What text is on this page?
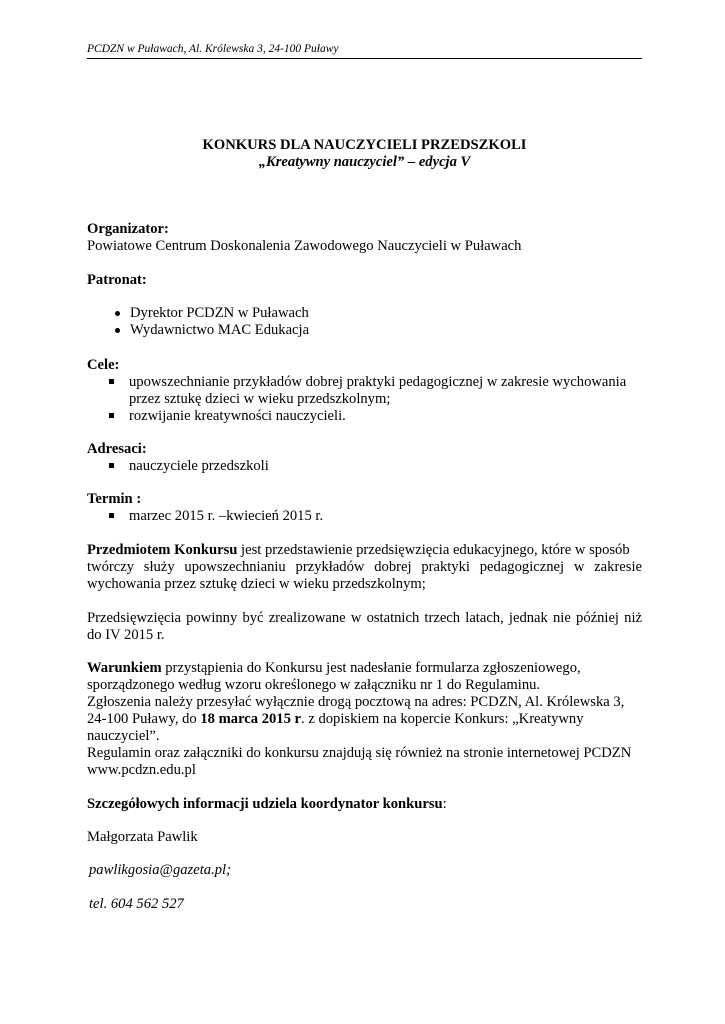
PCDZN w Puławach, Al. Królewska 3, 24-100 Puławy
KONKURS DLA NAUCZYCIELI PRZEDSZKOLI
„Kreatywny nauczyciel” – edycja V
Organizator:
Powiatowe Centrum Doskonalenia Zawodowego Nauczycieli w Puławach
Patronat:
Dyrektor PCDZN w Puławach
Wydawnictwo MAC Edukacja
Cele:
upowszechnianie przykładów dobrej praktyki pedagogicznej w zakresie wychowania
przez sztukę dzieci w wieku przedszkolnym;
rozwijanie kreatywności nauczycieli.
Adresaci:
nauczyciele przedszkoli
Termin :
marzec 2015 r. –kwiecień 2015 r.
Przedmiotem Konkursu jest przedstawienie przedsięwzięcia edukacyjnego, które w sposób
twórczy służy upowszechnianiu przykładów dobrej praktyki pedagogicznej w zakresie
wychowania przez sztukę dzieci w wieku przedszkolnym;
Przedsięwzięcia powinny być zrealizowane w ostatnich trzech latach, jednak nie później niż
do IV 2015 r.
Warunkiem przystąpienia do Konkursu jest nadesłanie formularza zgłoszeniowego,
sporządzonego według wzoru określonego w załączniku nr 1 do Regulaminu.
Zgłoszenia należy przesyłać wyłącznie drogą pocztową na adres: PCDZN, Al. Królewska 3,
24-100 Puławy, do 18 marca 2015 r. z dopiskiem na kopercie Konkurs: „Kreatywny
nauczyciel”.
Regulamin oraz załączniki do konkursu znajdują się również na stronie internetowej PCDZN
www.pcdzn.edu.pl
Szczegółowych informacji udziela koordynator konkursu:
Małgorzata Pawlik
pawlikgosia@gazeta.pl;
tel. 604 562 527
